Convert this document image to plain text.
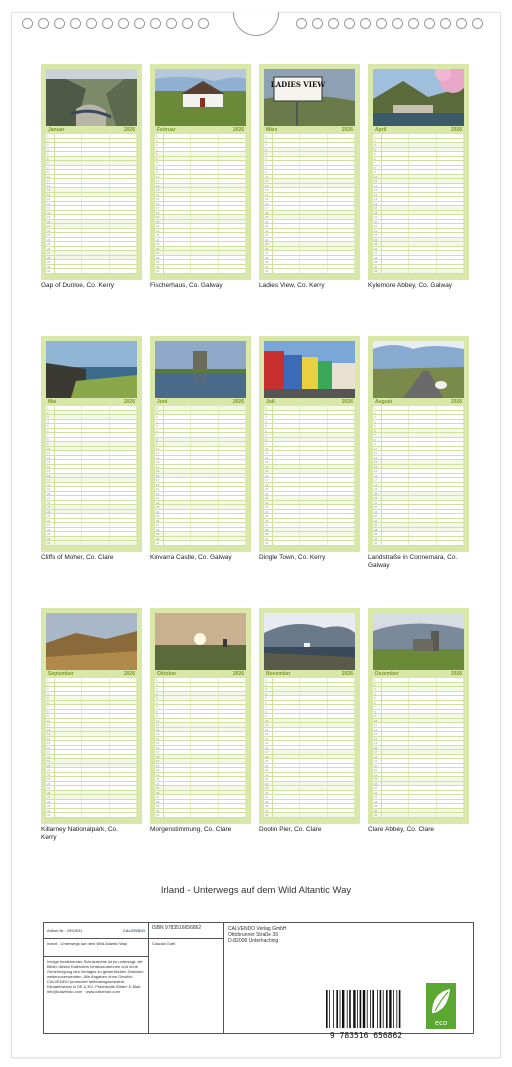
Januar	2026
1
2
3
4
5
6
7
8
9
10
11
12
13
14
15
16
17
18
19
20
21
22
23
24
25
26
27
28
29
30
31
Februar	2026
1
2
3
4
5
6
7
8
9
10
11
12
13
14
15
16
17
18
19
20
21
22
23
24
25
26
27
28
29
30
31
LADIES VIEW
März	2026
1
2
3
4
5
6
7
8
9
10
11
12
13
14
15
16
17
18
19
20
21
22
23
24
25
26
27
28
29
30
31
April	2026
1
2
3
4
5
6
7
8
9
10
11
12
13
14
15
16
17
18
19
20
21
22
23
24
25
26
27
28
29
30
31
Mai	2026
1
2
3
4
5
6
7
8
9
10
11
12
13
14
15
16
17
18
19
20
21
22
23
24
25
26
27
28
29
30
31
Juni	2026
1
2
3
4
5
6
7
8
9
10
11
12
13
14
15
16
17
18
19
20
21
22
23
24
25
26
27
28
29
30
31
Juli	2026
1
2
3
4
5
6
7
8
9
10
11
12
13
14
15
16
17
18
19
20
21
22
23
24
25
26
27
28
29
30
31
August	2026
1
2
3
4
5
6
7
8
9
10
11
12
13
14
15
16
17
18
19
20
21
22
23
24
25
26
27
28
29
30
31
September	2026
1
2
3
4
5
6
7
8
9
10
11
12
13
14
15
16
17
18
19
20
21
22
23
24
25
26
27
28
29
30
31
Oktober	2026
1
2
3
4
5
6
7
8
9
10
11
12
13
14
15
16
17
18
19
20
21
22
23
24
25
26
27
28
29
30
31
November	2026
1
2
3
4
5
6
7
8
9
10
11
12
13
14
15
16
17
18
19
20
21
22
23
24
25
26
27
28
29
30
31
Dezember	2026
1
2
3
4
5
6
7
8
9
10
11
12
13
14
15
16
17
18
19
20
21
22
23
24
25
26
27
28
29
30
31
Gap of Dunloe, Co. Kerry	Fischerhaus, Co. Galway	Ladies View, Co. Kerry	Kylemore Abbey, Co. Galway
Cliffs of Moher, Co. Clare	Kinvarra Castle, Co. Galway	Dingle Town, Co. Kerry	Landstraße in Connemara, Co. Galway
Killarney Nationalpark, Co. Kerry
Morgenstimmung, Co. Clare	Doolin Pier, Co. Clare	Clare Abbey, Co. Clare
Irland - Unterwegs auf dem Wild Altantic Way
Artikel-Nr.: 2992631	CALVENDO
Irland - Unterwegs auf dem Wild Atlantic Way
Infolge bestehender Schutzrechte ist es untersagt, die Bilder dieses Kalenders herauszutrennen und ohne Genehmigung des Verlages zu gewerblichen Zwecken weiterzuverwenden. Alle Angaben ohne Gewähr. CALVENDO produziert treibhausgasneutral. Klimabewusst in DE & EU. Prachtvolle Bilder! E-Mail: info@calvendo.com · www.calvendo.com
ISBN 9783516656862
Claudia Guth
CALVENDO Verlag GmbH
Ottobrunner Straße 39
D-82008 Unterhaching
9 783516 656862
eco
